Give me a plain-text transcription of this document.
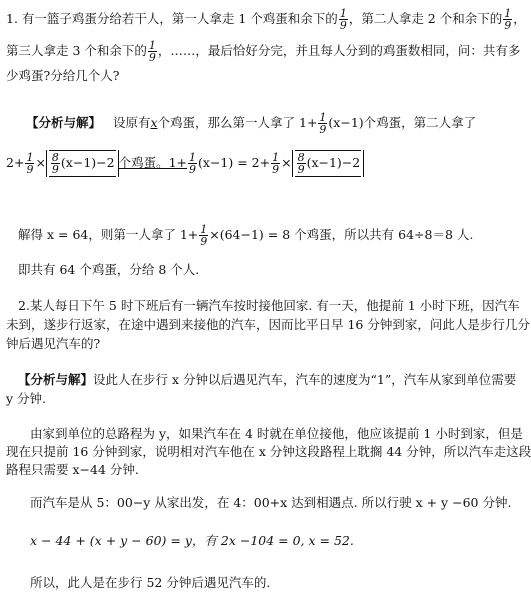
1. 有一篮子鸡蛋分给若干人，第一人拿走 1 个鸡蛋和余下的 $\frac{1}{9}$ ，第二人拿走 2 个和余下的 $\frac{1}{9}$ ，
第三人拿走 3 个和余下的 $\frac{1}{9}$ ，……，最后恰好分完，并且每人分到的鸡蛋数相同，问：共有多
少鸡蛋?分给几个人?
【分析与解】 设原有x个鸡蛋，那么第一人拿了 $1+ \frac{1}{9} (x-1)$个鸡蛋，第二人拿了
$2+ \frac{1}{9} \times \frac{8}{9} (x-1)-2$ 个鸡蛋。$1+ \frac{1}{9} (x-1) = 2+ \frac{1}{9} \times \frac{8}{9} (x-1)-2$
解得 x = 64，则第一人拿了 $1+ \frac{1}{9} \times(64-1) = 8$ 个鸡蛋，所以共有 64÷8＝8 人.
即共有 64 个鸡蛋，分给 8 个人.
2.某人每日下午 5 时下班后有一辆汽车按时接他回家. 有一天，他提前 1 小时下班，因汽车
未到，遂步行返家，在途中遇到来接他的汽车，因而比平日早 16 分钟到家，问此人是步行几分
钟后遇见汽车的?
【分析与解】设此人在步行 x 分钟以后遇见汽车，汽车的速度为“1”，汽车从家到单位需要
y 分钟.
由家到单位的总路程为 y，如果汽车在 4 时就在单位接他，他应该提前 1 小时到家，但是
现在只提前 16 分钟到家，说明相对汽车他在 x 分钟这段路程上耽搁 44 分钟，所以汽车走这段
路程只需要 x−44 分钟.
而汽车是从 5：00−y 从家出发，在 4：00+x 达到相遇点. 所以行驶 x + y −60 分钟.
x − 44 + (x + y − 60) = y，有 2x −104 = 0, x = 52.
所以，此人是在步行 52 分钟后遇见汽车的.
